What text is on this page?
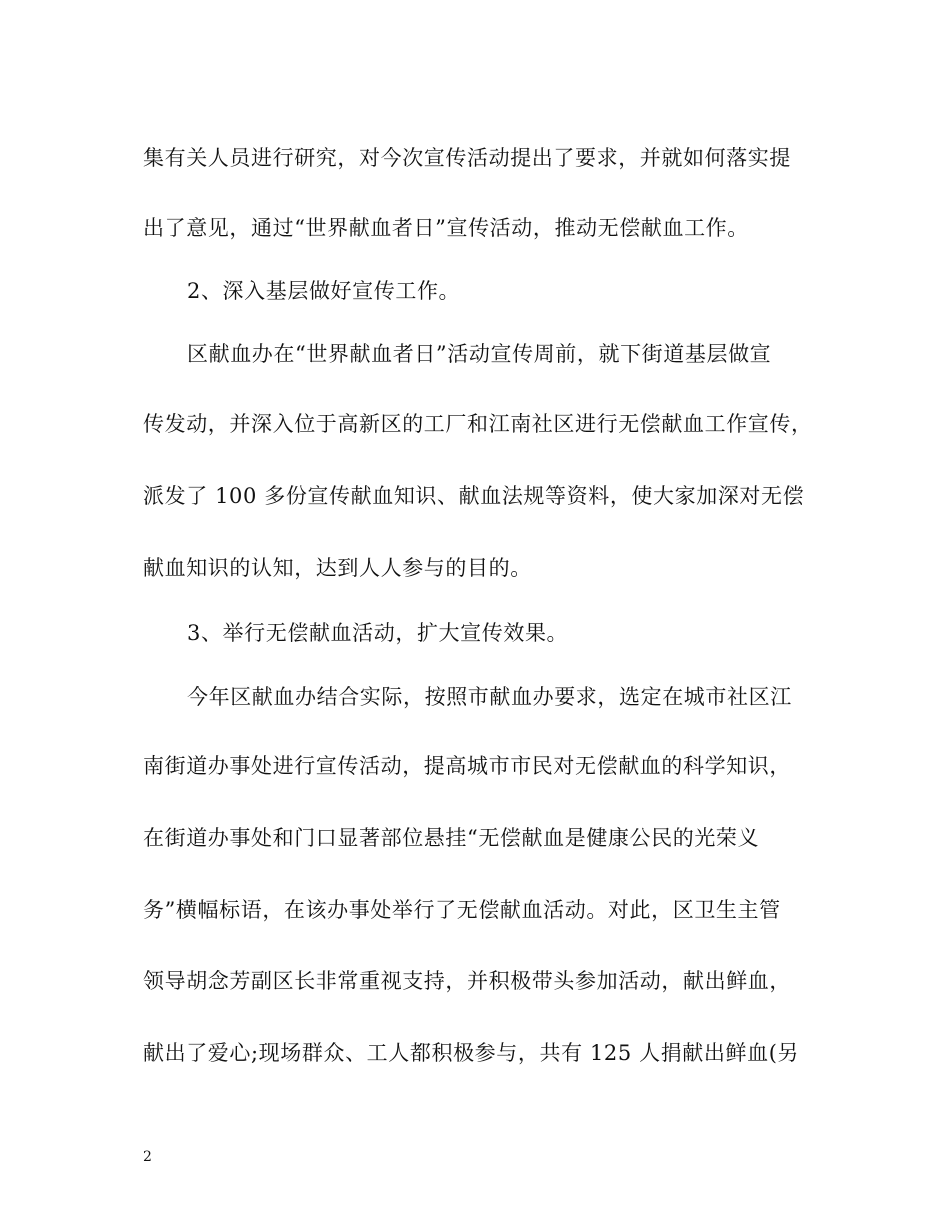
集有关人员进行研究，对今次宣传活动提出了要求，并就如何落实提
出了意见，通过“世界献血者日”宣传活动，推动无偿献血工作。
2、深入基层做好宣传工作。
区献血办在“世界献血者日”活动宣传周前，就下街道基层做宣
传发动，并深入位于高新区的工厂和江南社区进行无偿献血工作宣传，
派发了 100 多份宣传献血知识、献血法规等资料，使大家加深对无偿
献血知识的认知，达到人人参与的目的。
3、举行无偿献血活动，扩大宣传效果。
今年区献血办结合实际，按照市献血办要求，选定在城市社区江
南街道办事处进行宣传活动，提高城市市民对无偿献血的科学知识，
在街道办事处和门口显著部位悬挂“无偿献血是健康公民的光荣义
务”横幅标语，在该办事处举行了无偿献血活动。对此，区卫生主管
领导胡念芳副区长非常重视支持，并积极带头参加活动，献出鲜血，
献出了爱心;现场群众、工人都积极参与，共有 125 人捐献出鲜血(另
2
